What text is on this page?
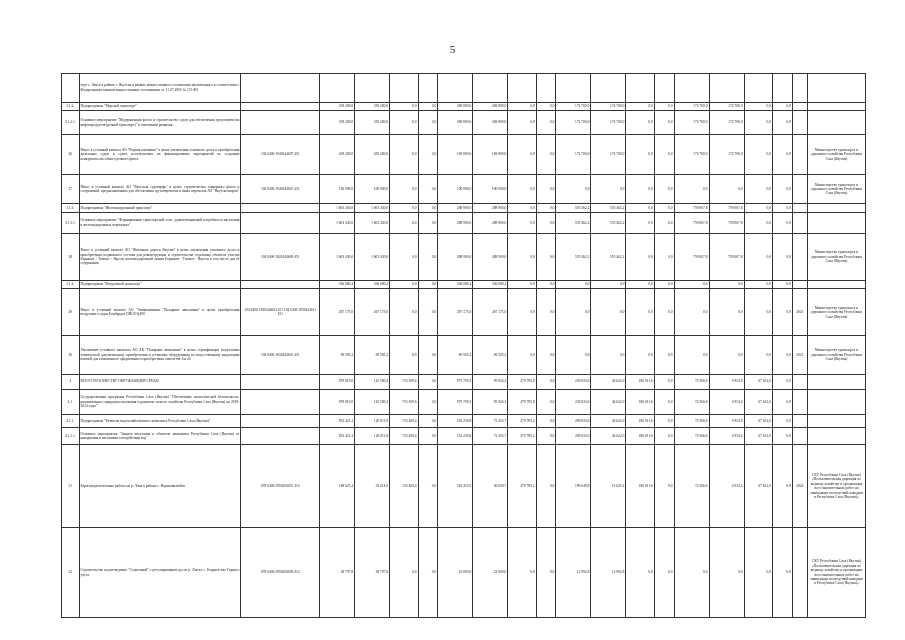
5
	черт г. Ленск в районе г. Якутска в рамках концессионного соглашения заключенного в соответствии с Федеральным законом концессионных соглашениях от 21.07.2005 № 115-ФЗ																			
3.1.2.	Подпрограмма "Морской транспорт"		339 200,0	339 200,0	0,0	0,0	269 800,0	269 800,0	0,0	0,0	174 700,0	174 700,0	0,0	0,0	174 700,0	174 700,0	0,0	0,0		
3.1.2.1.	Основное мероприятие "Модернизация флота и строительство судов для обеспечения грузоперевозок нефтепродуктов (речной транспорт)" в отношении развития		339 200,0	339 200,0	0,0	0,0	269 800,0	269 800,0	0,0	0,0	174 700,0	174 700,0	0,0	0,0	174 700,0	174 700,0	0,0	0,0		
26	Взнос в уставный капитал АО "Водная компания" в целях увеличения основного долга и приобретения дизельных судов и судов, используемых на финансирование мероприятий по созданию конкурентоспособного речного флота	104 0406 1940344607 451	439 200,0	439 200,0	0,0	0,0	169 800,0	169 800,0	0,0	0,0	174 700,0	174 700,0	0,0	0,0	174 700,0	174 700,0	0,0	0,0		Министерство транспорта и дорожного хозяйства Республики Саха (Якутия)
27	Взнос в уставный капитал АО "Якутская судоверфь" в целях строительства танкерного флота и сооружений, предназначенных для обеспечения грузоперевозок и иных перевозок АО "Якутскгазпром"	104 0406 1940344610 451	100 000,0	100 000,0	0,0	0,0	100 000,0	100 000,0	0,0	0,0	0,0	0,0	0,0	0,0	0,0	0,0	0,0	0,0		Министерство транспорта и дорожного хозяйства Республики Саха (Якутия)
3.1.3.	Подпрограмма "Железнодорожный транспорт"		1 603 430,0	1 603 430,0	0,0	0,0	288 900,0	288 900,0	0,0	0,0	555 462,2	555 462,2	0,0	0,0	759 067,8	759 067,8	0,0	0,0		
3.1.3.1.	Основное мероприятие "Формирование транспортной сети, удовлетворяющей потребности населения в железнодорожных перевозках"		1 603 430,0	1 603 430,0	0,0	0,0	288 900,0	288 900,0	0,0	0,0	555 462,2	555 462,2	0,0	0,0	759 067,8	759 067,8	0,0	0,0		
28	Взнос в уставный капитал АО "Железные дороги Якутии" в целях увеличения основного долга и приобретения подвижного состава для реконструкции и строительства отдельных объектов участка Беркакит - Томмот - Якутск железнодорожной линии Беркакит - Томмот - Якутск в том числе для её содержания	104 0406 1820144609 451	1 603 430,0	1 603 430,0	0,0	0,0	288 900,0	288 900,0	0,0	0,0	555 462,2	555 462,2	0,0	0,0	759 067,8	759 067,8	0,0	0,0		Министерство транспорта и дорожного хозяйства Республики Саха (Якутия)
3.1.4.	Подпрограмма "Воздушный транспорт"		336 680,2	336 680,2	0,0	0,0	336 680,2	336 680,2	0,0	0,0	0,0	0,0	0,0	0,0	0,0	0,0	0,0	0,0		
29	Взнос в уставный капитал АО "Авиакомпания "Полярные авиалинии" в целях приобретения воздушного судна Бомбардье DHC8-Q400	104 0406 1830244603 451 104 0406 1830244611 451	267 175,0	267 175,0	0,0	0,0	267 175,0	267 175,0	0,0	0,0	0,0	0,0	0,0	0,0	0,0	0,0	0,0	0,0	2021	Министерство транспорта и дорожного хозяйства Республики Саха (Якутия)
30	Увеличение уставного капитала АО АК "Полярные авиалинии" в целях сертификации (подготовки технической документации), приобретения и установки оборудования по искусственному выделению ключей для таможенного оформления и приобретения самолетов Ан-24	104 0406 1830244610 451	69 505,2	69 505,2	0,0	0,0	69 505,2	69 505,2	0,0	0,0	0,0	0,0	0,0	0,0	0,0	0,0	0,0	0,0	2021	Министерство транспорта и дорожного хозяйства Республики Саха (Якутия)
4	ВСЕГО ПО КАЧЕСТВУ ОКРУЖАЮЩЕЙ СРЕДЫ		878 810,0	145 500,4	733 309,6	0,0	975 709,3	95 924,3	479 785,0	0,0	230 633,6	44 622,0	186 011,6	0,0	72 566,6	4 954,0	67 612,6	0,0		
4.1.	Государственная программа Республики Саха (Якутия) "Обеспечение экологической безопасности, рационального природопользования и развития лесного хозяйства Республики Саха (Якутия) на 2018-2024 годы"		878 810,0	145 500,4	733 309,6	0,0	975 709,3	95 924,3	479 785,0	0,0	230 633,6	44 622,0	186 011,6	0,0	72 566,6	4 954,0	67 612,6	0,0		
4.1.1.	Подпрограмма "Развитие водохозяйственного комплекса Республики Саха (Якутия)"		853 421,2	120 011,8	733 409,4	0,0	552 239,8	72 453,7	479 785,2	0,0	209 633,6	44 622,0	186 011,6	0,0	72 566,6	4 954,0	67 612,6	0,0		
4.1.1.1.	Основное мероприятие "Защита населения и объектов экономики Республики Саха (Якутия) от наводнения и негативного воздействия вод"		853 421,2	120 011,8	733 409,4	0,0	552 239,8	72 453,7	479 785,2	0,0	209 633,6	44 622,0	186 011,6	0,0	72 566,6	4 954,0	67 612,6	0,0		
31	Берегоукрепительные работы на р. Лена в районе с. Верхневилюйск	078 0406 2950250031 414	188 625,4	53 214,0	135 409,4	0,0	516 419,5	36 650,7	479 785,2	0,0	199 649,8	13 625,2	186 011,6	0,0	72 566,6	4 934,0	67 612,6	0,0	2024	ГКУ Республики Саха (Якутия) «Пользовательская дирекция по водному хозяйству и организации восстановительных работ на ликвидации последствий паводков в Республике Саха (Якутия)»
32	Строительство водоотведения "Солнечный" с регулированием русла р. Лыгъх с. Бердигестях Горного улуса	078 0406 2950250039 414	38 797,8	38 797,8	0,0	0,0	23 000,0	23 000,0	0,0	0,0	12 992,8	12 992,8	0,0	0,0	0,0	0,0	0,0	0,0		ГКУ Республики Саха (Якутия) «Пользовательская дирекция по водному хозяйству и организации восстановительных работ на ликвидации последствий паводков в Республике Саха (Якутия)»
